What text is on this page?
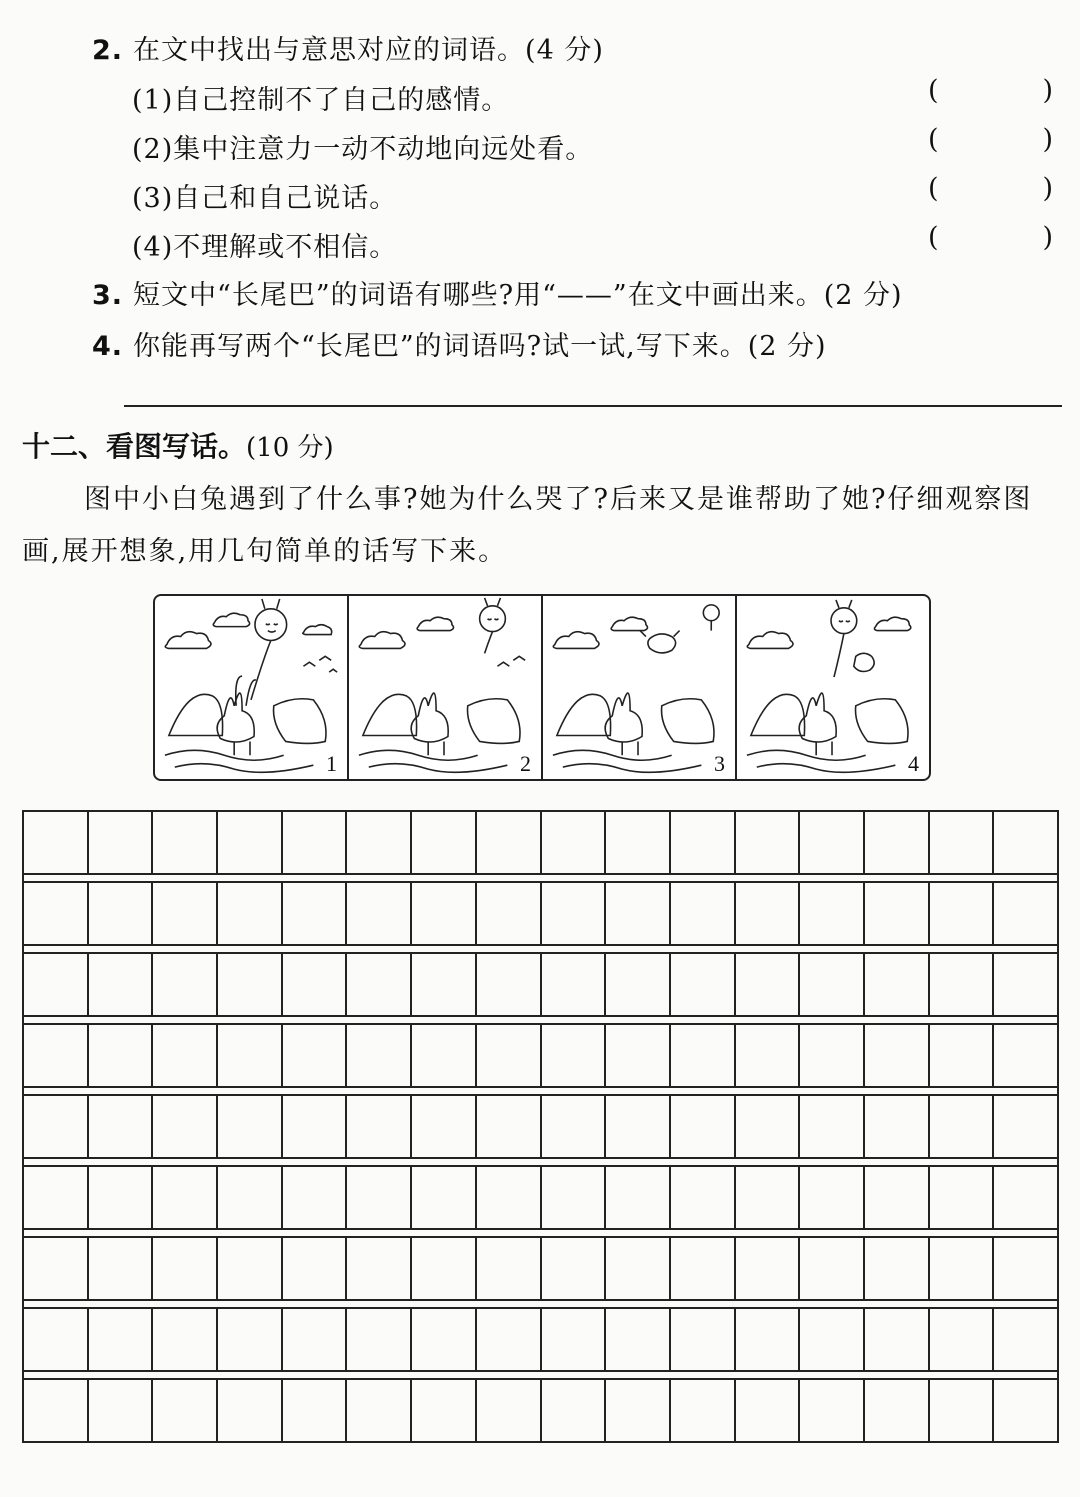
2. 在文中找出与意思对应的词语。(4 分)
(1)自己控制不了自己的感情。	(	)
(2)集中注意力一动不动地向远处看。	(	)
(3)自己和自己说话。	(	)
(4)不理解或不相信。	(	)
3. 短文中“长尾巴”的词语有哪些?用“——”在文中画出来。(2 分)
4. 你能再写两个“长尾巴”的词语吗?试一试,写下来。(2 分)
十二、看图写话。(10 分)
图中小白兔遇到了什么事?她为什么哭了?后来又是谁帮助了她?仔细观察图画,展开想象,用几句简单的话写下来。
1	2	3	4
